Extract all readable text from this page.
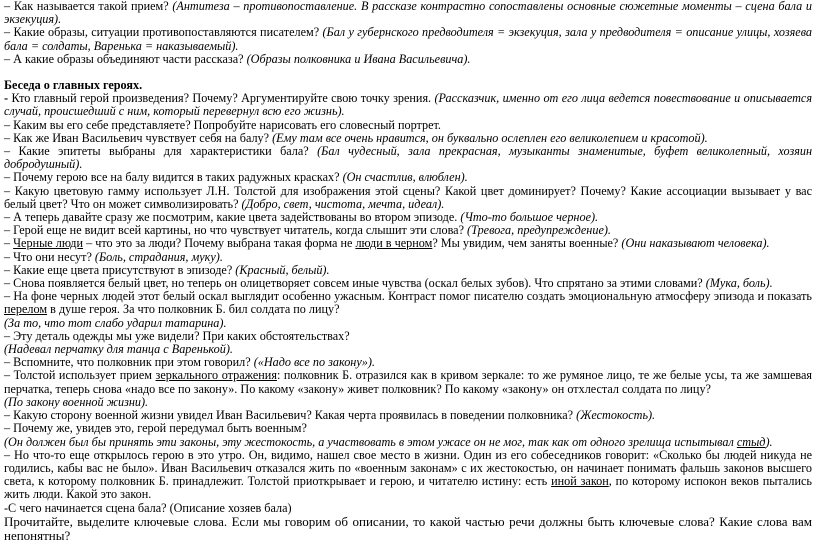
– Как называется такой прием? (Антитеза – противопоставление. В рассказе контрастно сопоставлены основные сюжетные моменты – сцена бала и экзекуция).

– Какие образы, ситуации противопоставляются писателем? (Бал у губернского предводителя = экзекуция, зала у предводителя = описание улицы, хозяева бала = солдаты, Варенька = наказываемый).

– А какие образы объединяют части рассказа? (Образы полковника и Ивана Васильевича).

Беседа о главных героях.

- Кто главный герой произведения? Почему? Аргументируйте свою точку зрения. (Рассказчик, именно от его лица ведется повествование и описывается случай, происшедший с ним, который перевернул всю его жизнь).

– Каким вы его себе представляете? Попробуйте нарисовать его словесный портрет.

– Как же Иван Васильевич чувствует себя на балу? (Ему там все очень нравится, он буквально ослеплен его великолепием и красотой).

– Какие эпитеты выбраны для характеристики бала? (Бал чудесный, зала прекрасная, музыканты знаменитые, буфет великолепный, хозяин добродушный).

– Почему герою все на балу видится в таких радужных красках? (Он счастлив, влюблен).

– Какую цветовую гамму использует Л.Н. Толстой для изображения этой сцены? Какой цвет доминирует? Почему? Какие ассоциации вызывает у вас белый цвет? Что он может символизировать? (Добро, свет, чистота, мечта, идеал).

– А теперь давайте сразу же посмотрим, какие цвета задействованы во втором эпизоде. (Что-то большое черное).

– Герой еще не видит всей картины, но что чувствует читатель, когда слышит эти слова? (Тревога, предупреждение).

– Черные люди – что это за люди? Почему выбрана такая форма не люди в черном? Мы увидим, чем заняты военные? (Они наказывают человека).

– Что они несут? (Боль, страдания, муку).

– Какие еще цвета присутствуют в эпизоде? (Красный, белый).

– Снова появляется белый цвет, но теперь он олицетворяет совсем иные чувства (оскал белых зубов). Что спрятано за этими словами? (Мука, боль).

– На фоне черных людей этот белый оскал выглядит особенно ужасным. Контраст помог писателю создать эмоциональную атмосферу эпизода и показать перелом в душе героя. За что полковник Б. бил солдата по лицу?

(За то, что тот слабо ударил татарина).

– Эту деталь одежды мы уже видели? При каких обстоятельствах?

(Надевал перчатку для танца с Варенькой).

– Вспомните, что полковник при этом говорил? («Надо все по закону»).

– Толстой использует прием зеркального отражения: полковник Б. отразился как в кривом зеркале: то же румяное лицо, те же белые усы, та же замшевая перчатка, теперь снова «надо все по закону». По какому «закону» живет полковник? По какому «закону» он отхлестал солдата по лицу?

(По закону военной жизни).

– Какую сторону военной жизни увидел Иван Васильевич? Какая черта проявилась в поведении полковника? (Жестокость).

– Почему же, увидев это, герой передумал быть военным?

(Он должен был бы принять эти законы, эту жестокость, а участвовать в этом ужасе он не мог, так как от одного зрелища испытывал стыд).

– Но что-то еще открылось герою в это утро. Он, видимо, нашел свое место в жизни. Один из его собеседников говорит: «Сколько бы людей никуда не годились, кабы вас не было». Иван Васильевич отказался жить по «военным законам» с их жестокостью, он начинает понимать фальшь законов высшего света, к которому полковник Б. принадлежит. Толстой приоткрывает и герою, и читателю истину: есть иной закон, по которому испокон веков пытались жить люди. Какой это закон.

-С чего начинается сцена бала? (Описание хозяев бала)

Прочитайте, выделите ключевые слова. Если мы говорим об описании, то какой частью речи должны быть ключевые слова? Какие слова вам непонятны?
